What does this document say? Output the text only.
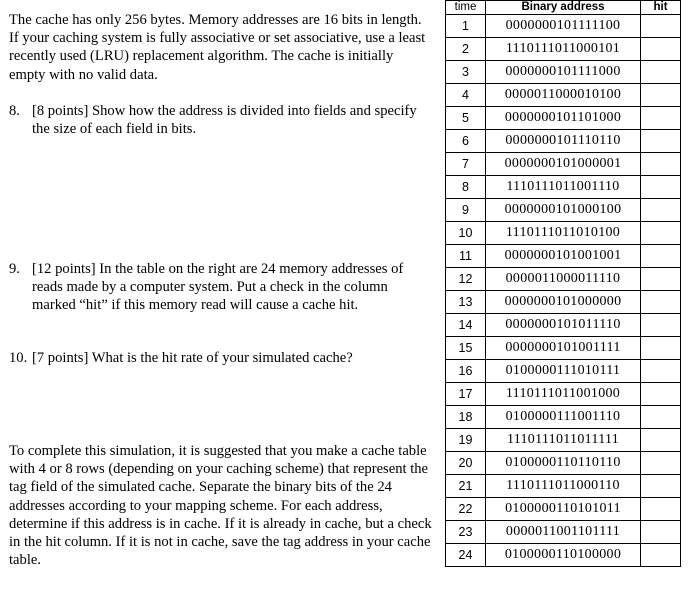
The cache has only 256 bytes. Memory addresses are 16 bits in length. If your caching system is fully associative or set associative, use a least recently used (LRU) replacement algorithm. The cache is initially empty with no valid data.

8. [8 points] Show how the address is divided into fields and specify the size of each field in bits.
9. [12 points] In the table on the right are 24 memory addresses of reads made by a computer system. Put a check in the column marked “hit” if this memory read will cause a cache hit.
10. [7 points] What is the hit rate of your simulated cache?

To complete this simulation, it is suggested that you make a cache table with 4 or 8 rows (depending on your caching scheme) that represent the tag field of the simulated cache. Separate the binary bits of the 24 addresses according to your mapping scheme. For each address, determine if this address is in cache. If it is already in cache, but a check in the hit column. If it is not in cache, save the tag address in your cache table.

time	Binary address	hit
1	0000000101111100	
2	1110111011000101	
3	0000000101111000	
4	0000011000010100	
5	0000000101101000	
6	0000000101110110	
7	0000000101000001	
8	1110111011001110	
9	0000000101000100	
10	1110111011010100	
11	0000000101001001	
12	0000011000011110	
13	0000000101000000	
14	0000000101011110	
15	0000000101001111	
16	0100000111010111	
17	1110111011001000	
18	0100000111001110	
19	1110111011011111	
20	0100000110110110	
21	1110111011000110	
22	0100000110101011	
23	0000011001101111	
24	0100000110100000	
